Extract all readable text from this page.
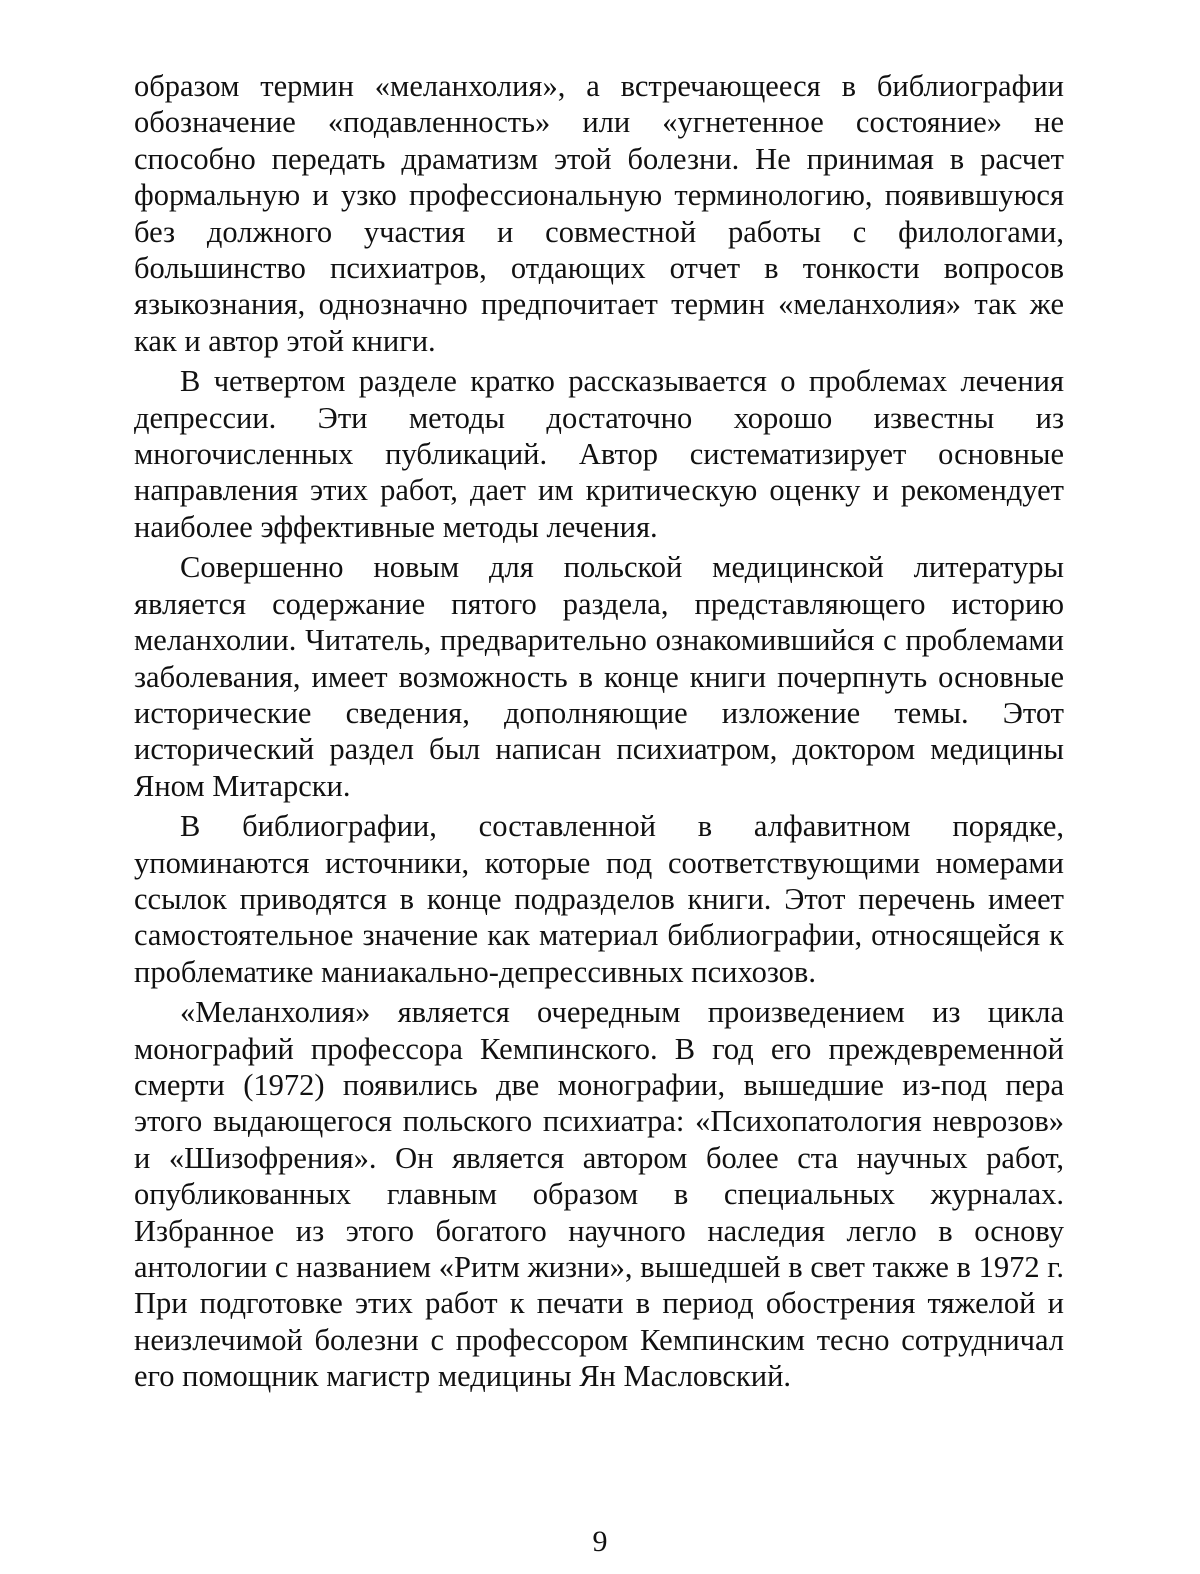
образом термин «меланхолия», а встречающееся в библиографии обозначение «подавленность» или «угнетенное состояние» не способно передать драматизм этой болезни. Не принимая в расчет формальную и узко профессиональную терминологию, появившуюся без должного участия и совместной работы с филологами, большинство психиатров, отдающих отчет в тонкости вопросов языкознания, однозначно предпочитает термин «меланхолия» так же как и автор этой книги.

В четвертом разделе кратко рассказывается о проблемах лечения депрессии. Эти методы достаточно хорошо известны из многочисленных публикаций. Автор систематизирует основные направления этих работ, дает им критическую оценку и рекомендует наиболее эффективные методы лечения.

Совершенно новым для польской медицинской литературы является содержание пятого раздела, представляющего историю меланхолии. Читатель, предварительно ознакомившийся с проблемами заболевания, имеет возможность в конце книги почерпнуть основные исторические сведения, дополняющие изложение темы. Этот исторический раздел был написан психиатром, доктором медицины Яном Митарски.

В библиографии, составленной в алфавитном порядке, упоминаются источники, которые под соответствующими номерами ссылок приводятся в конце подразделов книги. Этот перечень имеет самостоятельное значение как материал библиографии, относящейся к проблематике маниакально-депрессивных психозов.

«Меланхолия» является очередным произведением из цикла монографий профессора Кемпинского. В год его преждевременной смерти (1972) появились две монографии, вышедшие из-под пера этого выдающегося польского психиатра: «Психопатология неврозов» и «Шизофрения». Он является автором более ста научных работ, опубликованных главным образом в специальных журналах. Избранное из этого богатого научного наследия легло в основу антологии с названием «Ритм жизни», вышедшей в свет также в 1972 г. При подготовке этих работ к печати в период обострения тяжелой и неизлечимой болезни с профессором Кемпинским тесно сотрудничал его помощник магистр медицины Ян Масловский.

9
